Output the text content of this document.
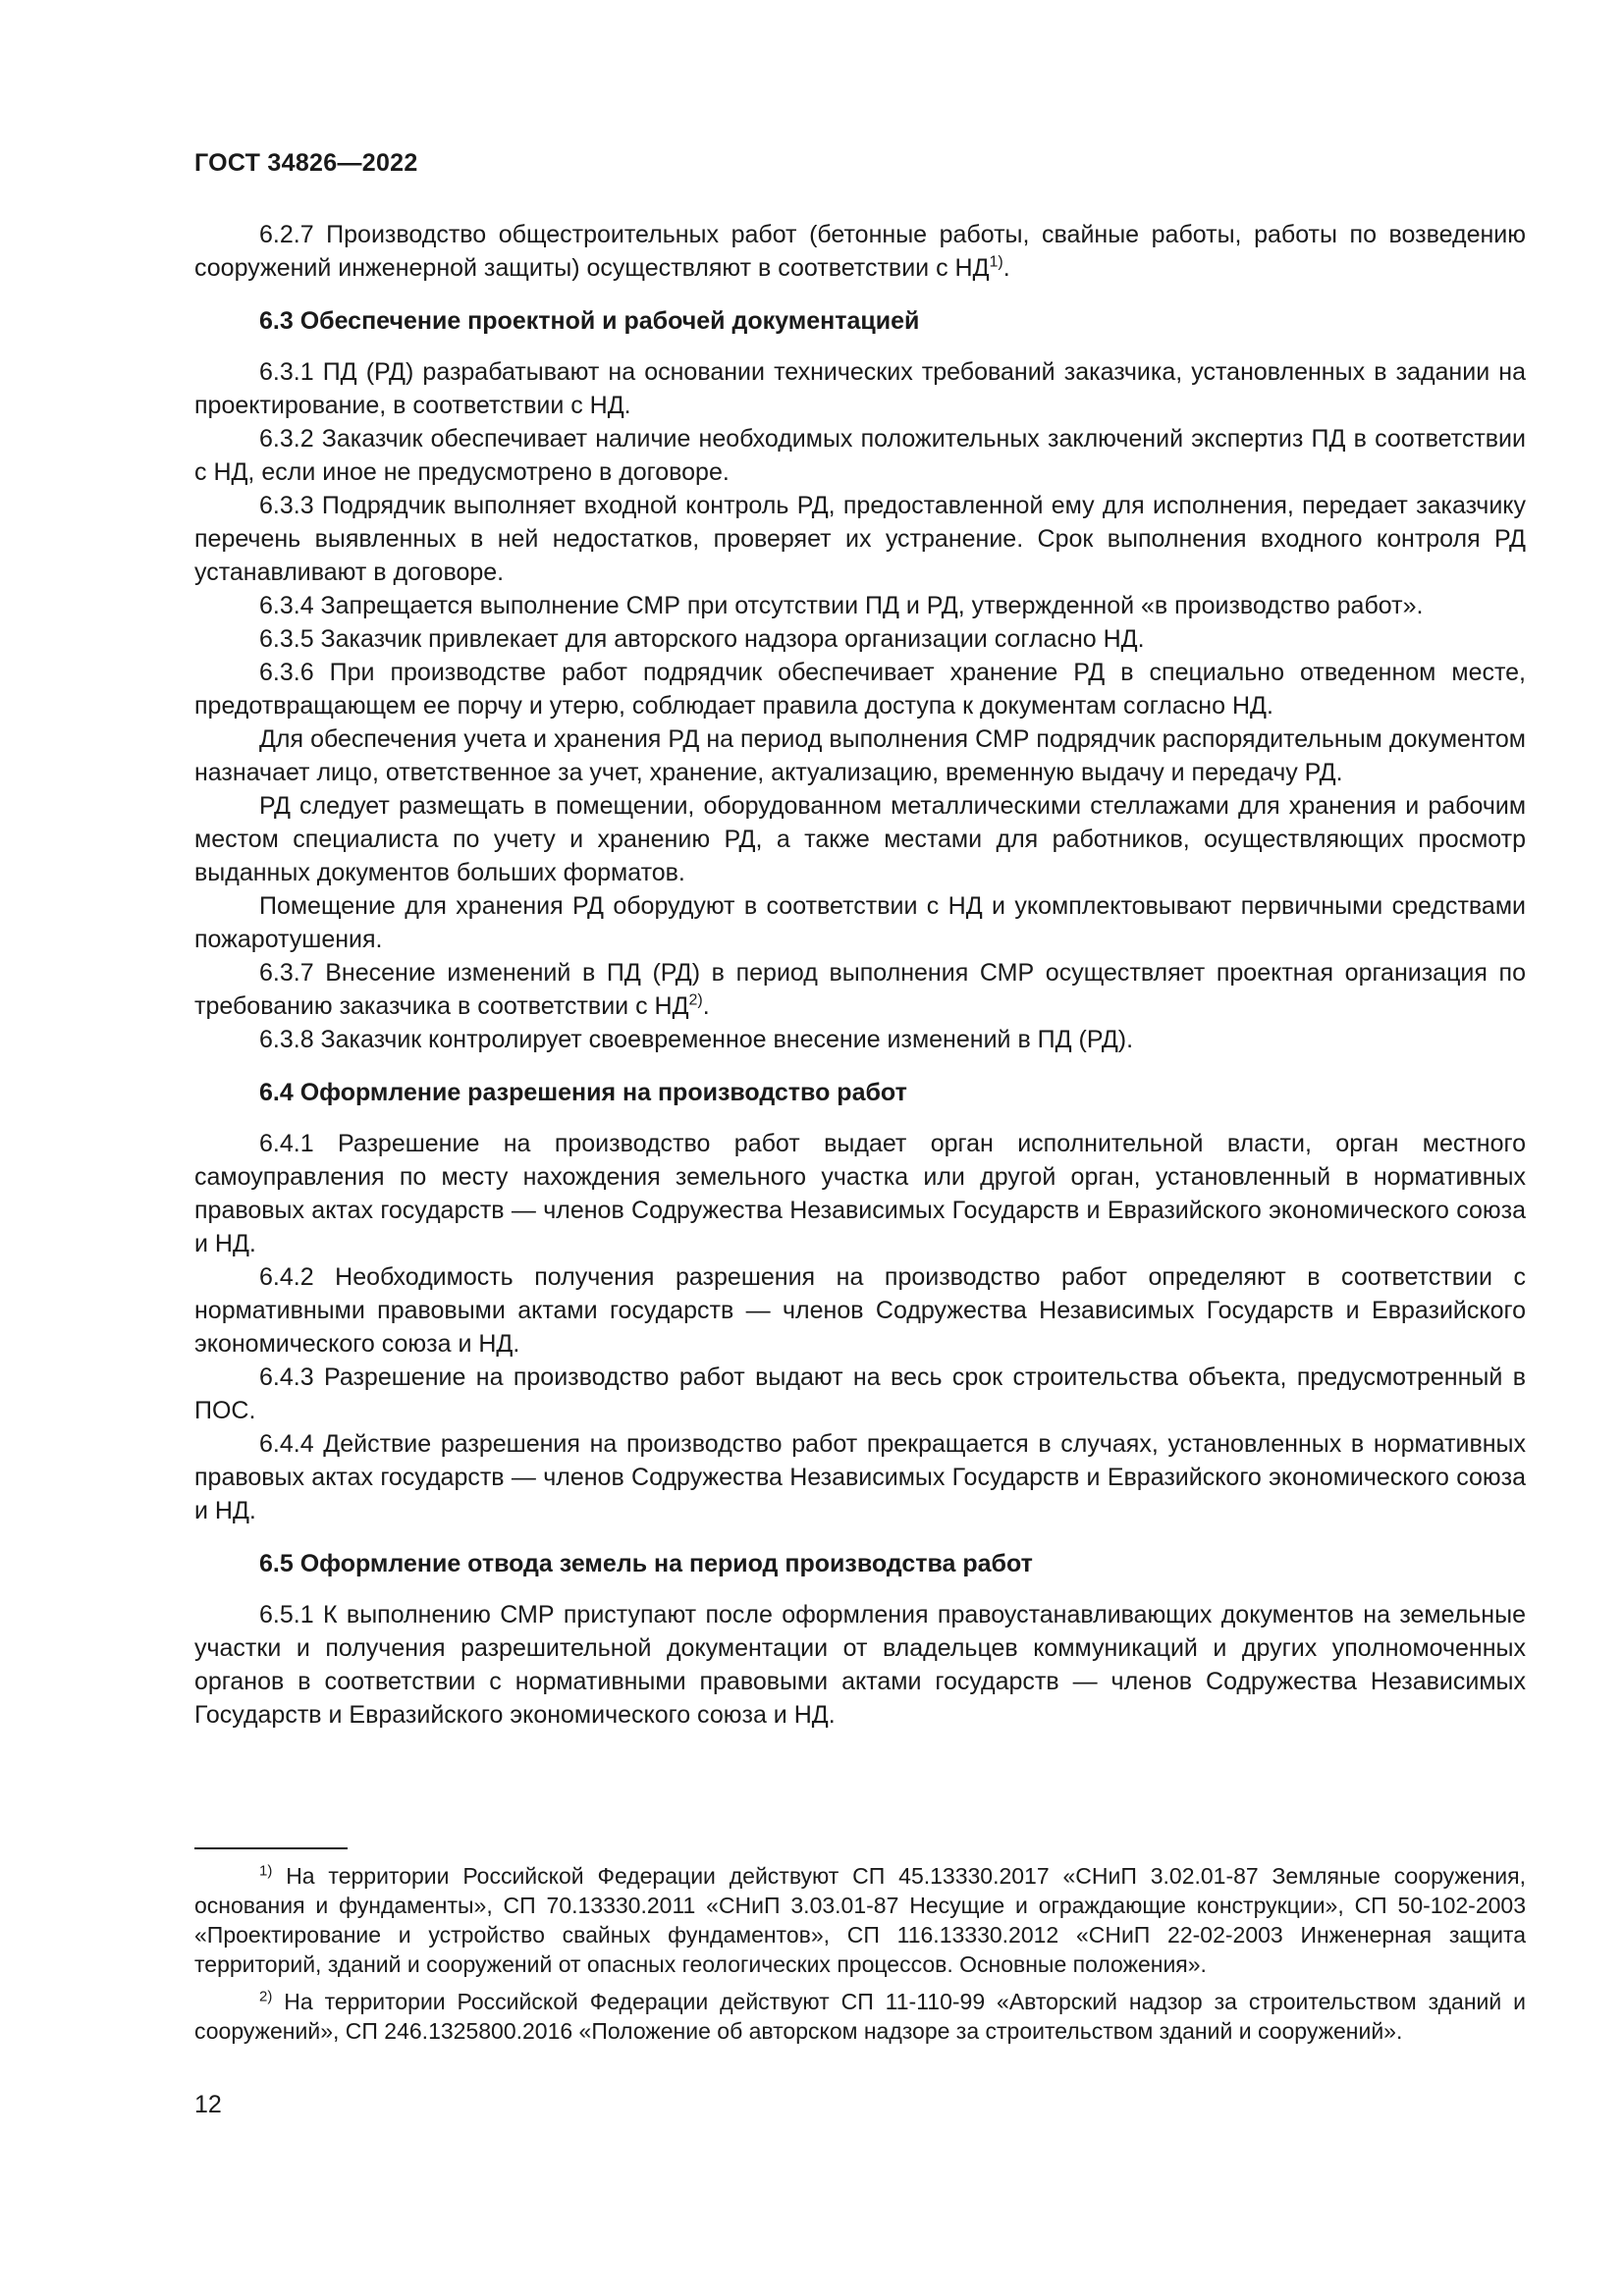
ГОСТ 34826—2022

6.2.7 Производство общестроительных работ (бетонные работы, свайные работы, работы по возведению сооружений инженерной защиты) осуществляют в соответствии с НД$^{1)}$.

6.3 Обеспечение проектной и рабочей документацией

6.3.1 ПД (РД) разрабатывают на основании технических требований заказчика, установленных в задании на проектирование, в соответствии с НД.

6.3.2 Заказчик обеспечивает наличие необходимых положительных заключений экспертиз ПД в соответствии с НД, если иное не предусмотрено в договоре.

6.3.3 Подрядчик выполняет входной контроль РД, предоставленной ему для исполнения, передает заказчику перечень выявленных в ней недостатков, проверяет их устранение. Срок выполнения входного контроля РД устанавливают в договоре.

6.3.4 Запрещается выполнение СМР при отсутствии ПД и РД, утвержденной «в производство работ».

6.3.5 Заказчик привлекает для авторского надзора организации согласно НД.

6.3.6 При производстве работ подрядчик обеспечивает хранение РД в специально отведенном месте, предотвращающем ее порчу и утерю, соблюдает правила доступа к документам согласно НД.

Для обеспечения учета и хранения РД на период выполнения СМР подрядчик распорядительным документом назначает лицо, ответственное за учет, хранение, актуализацию, временную выдачу и передачу РД.

РД следует размещать в помещении, оборудованном металлическими стеллажами для хранения и рабочим местом специалиста по учету и хранению РД, а также местами для работников, осуществляющих просмотр выданных документов больших форматов.

Помещение для хранения РД оборудуют в соответствии с НД и укомплектовывают первичными средствами пожаротушения.

6.3.7 Внесение изменений в ПД (РД) в период выполнения СМР осуществляет проектная организация по требованию заказчика в соответствии с НД$^{2)}$.

6.3.8 Заказчик контролирует своевременное внесение изменений в ПД (РД).

6.4 Оформление разрешения на производство работ

6.4.1 Разрешение на производство работ выдает орган исполнительной власти, орган местного самоуправления по месту нахождения земельного участка или другой орган, установленный в нормативных правовых актах государств — членов Содружества Независимых Государств и Евразийского экономического союза и НД.

6.4.2 Необходимость получения разрешения на производство работ определяют в соответствии с нормативными правовыми актами государств — членов Содружества Независимых Государств и Евразийского экономического союза и НД.

6.4.3 Разрешение на производство работ выдают на весь срок строительства объекта, предусмотренный в ПОС.

6.4.4 Действие разрешения на производство работ прекращается в случаях, установленных в нормативных правовых актах государств — членов Содружества Независимых Государств и Евразийского экономического союза и НД.

6.5 Оформление отвода земель на период производства работ

6.5.1 К выполнению СМР приступают после оформления правоустанавливающих документов на земельные участки и получения разрешительной документации от владельцев коммуникаций и других уполномоченных органов в соответствии с нормативными правовыми актами государств — членов Содружества Независимых Государств и Евразийского экономического союза и НД.

$^{1)}$ На территории Российской Федерации действуют СП 45.13330.2017 «СНиП 3.02.01-87 Земляные сооружения, основания и фундаменты», СП 70.13330.2011 «СНиП 3.03.01-87 Несущие и ограждающие конструкции», СП 50-102-2003 «Проектирование и устройство свайных фундаментов», СП 116.13330.2012 «СНиП 22-02-2003 Инженерная защита территорий, зданий и сооружений от опасных геологических процессов. Основные положения».

$^{2)}$ На территории Российской Федерации действуют СП 11-110-99 «Авторский надзор за строительством зданий и сооружений», СП 246.1325800.2016 «Положение об авторском надзоре за строительством зданий и сооружений».

12
